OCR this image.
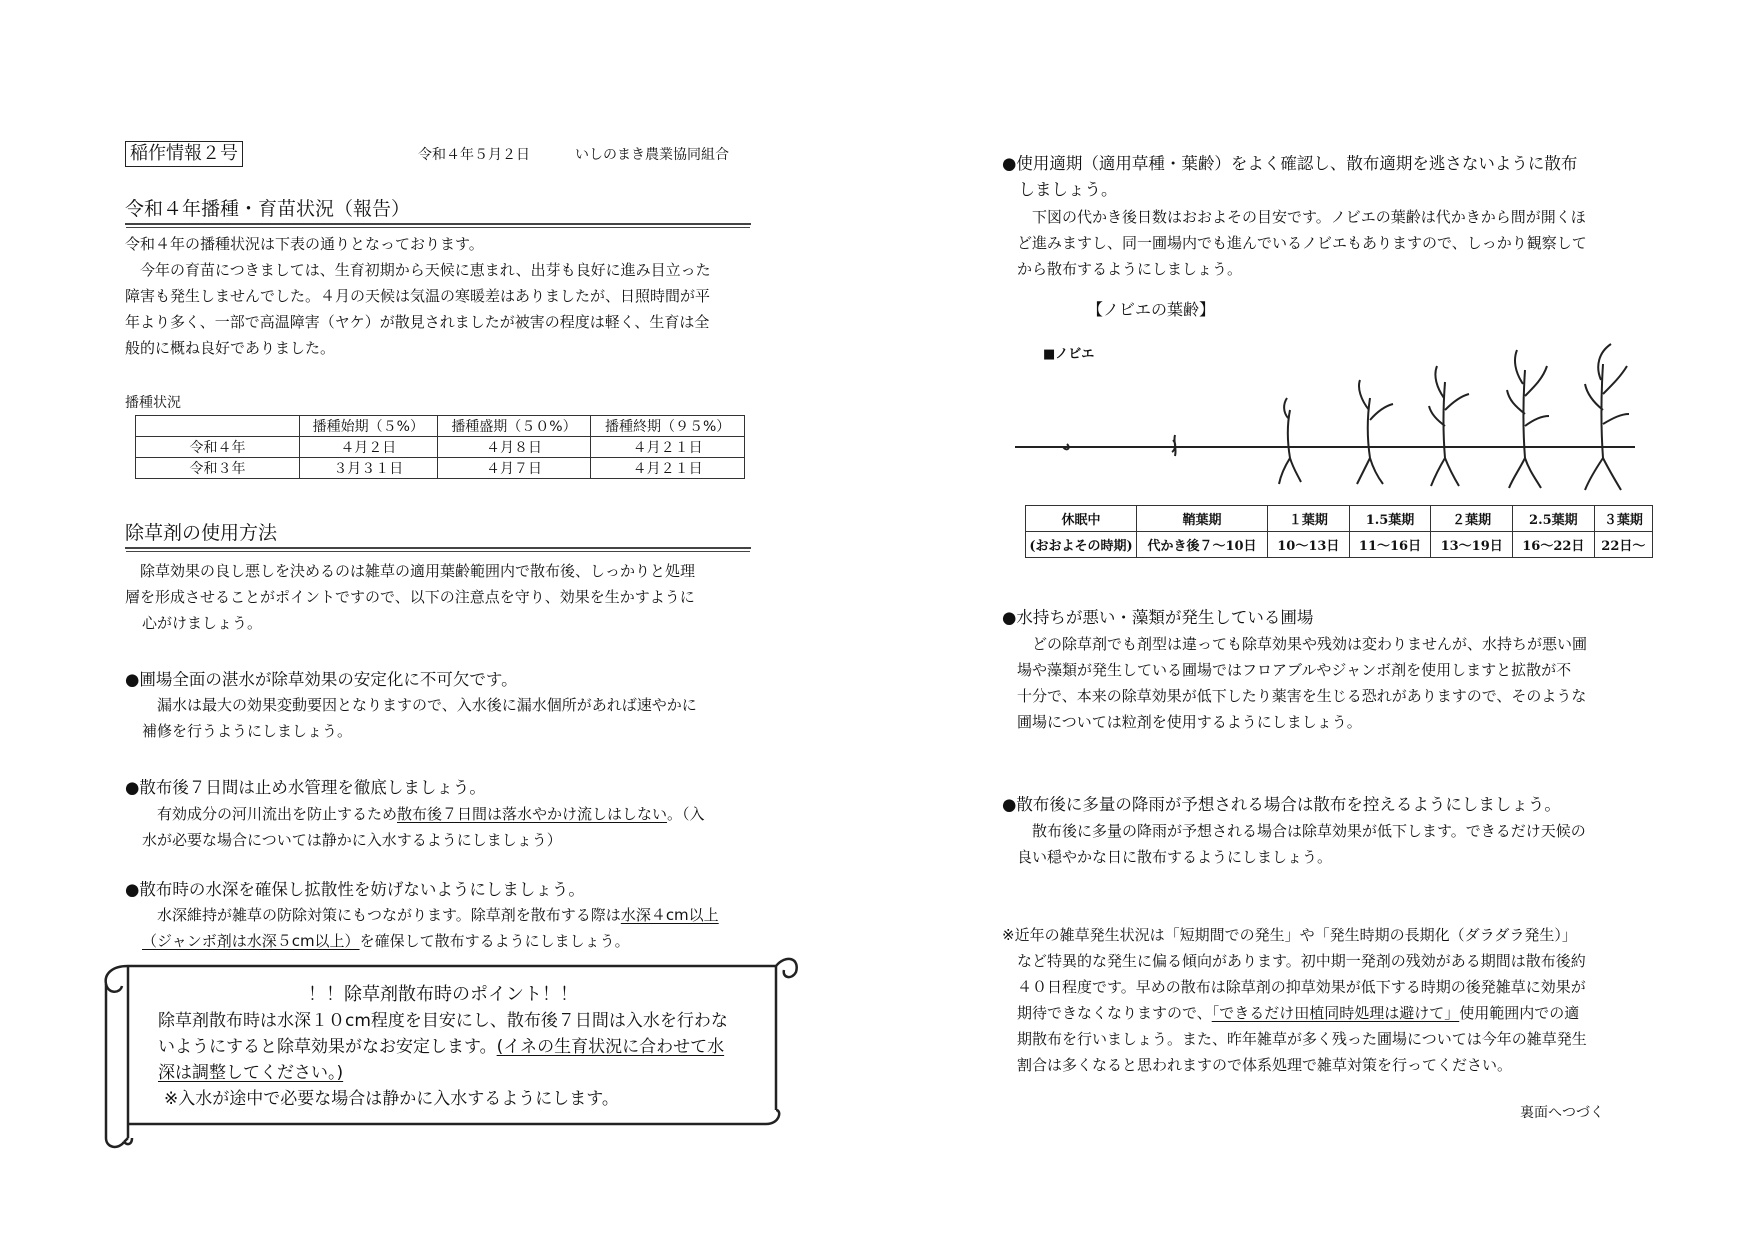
稲作情報２号	令和４年５月２日	いしのまき農業協同組合
令和４年播種・育苗状況（報告）
令和４年の播種状況は下表の通りとなっております。
　今年の育苗につきましては、生育初期から天候に恵まれ、出芽も良好に進み目立った
障害も発生しませんでした。４月の天候は気温の寒暖差はありましたが、日照時間が平
年より多く、一部で高温障害（ヤケ）が散見されましたが被害の程度は軽く、生育は全
般的に概ね良好でありました。
播種状況
	播種始期（５%）	播種盛期（５０%）	播種終期（９５%）
令和４年	４月２日	４月８日	４月２１日
令和３年	３月３１日	４月７日	４月２１日
除草剤の使用方法
　除草効果の良し悪しを決めるのは雑草の適用葉齢範囲内で散布後、しっかりと処理
層を形成させることがポイントですので、以下の注意点を守り、効果を生かすように
心がけましょう。
●圃場全面の湛水が除草効果の安定化に不可欠です。
　漏水は最大の効果変動要因となりますので、入水後に漏水個所があれば速やかに
補修を行うようにしましょう。
●散布後７日間は止め水管理を徹底しましょう。
　有効成分の河川流出を防止するため散布後７日間は落水やかけ流しはしない。（入
水が必要な場合については静かに入水するようにしましょう）
●散布時の水深を確保し拡散性を妨げないようにしましょう。
　水深維持が雑草の防除対策にもつながります。除草剤を散布する際は水深４cm以上
（ジャンボ剤は水深５cm以上）を確保して散布するようにしましょう。
！！除草剤散布時のポイント！！
除草剤散布時は水深１０cm程度を目安にし、散布後７日間は入水を行わな
いようにすると除草効果がなお安定します。(イネの生育状況に合わせて水
深は調整してください。)
※入水が途中で必要な場合は静かに入水するようにします。
●使用適期（適用草種・葉齢）をよく確認し、散布適期を逃さないように散布
　しましょう。
　下図の代かき後日数はおおよその目安です。ノビエの葉齢は代かきから間が開くほ
ど進みますし、同一圃場内でも進んでいるノビエもありますので、しっかり観察して
から散布するようにしましょう。
【ノビエの葉齢】
■ノビエ
休眠中	鞘葉期	１葉期	1.5葉期	２葉期	2.5葉期	３葉期
(おおよその時期)	代かき後７〜10日	10〜13日	11〜16日	13〜19日	16〜22日	22日〜
●水持ちが悪い・藻類が発生している圃場
　どの除草剤でも剤型は違っても除草効果や残効は変わりませんが、水持ちが悪い圃
場や藻類が発生している圃場ではフロアブルやジャンボ剤を使用しますと拡散が不
十分で、本来の除草効果が低下したり薬害を生じる恐れがありますので、そのような
圃場については粒剤を使用するようにしましょう。
●散布後に多量の降雨が予想される場合は散布を控えるようにしましょう。
　散布後に多量の降雨が予想される場合は除草効果が低下します。できるだけ天候の
良い穏やかな日に散布するようにしましょう。
※近年の雑草発生状況は「短期間での発生」や「発生時期の長期化（ダラダラ発生）」
　など特異的な発生に偏る傾向があります。初中期一発剤の残効がある期間は散布後約
　４０日程度です。早めの散布は除草剤の抑草効果が低下する時期の後発雑草に効果が
　期待できなくなりますので、「できるだけ田植同時処理は避けて」使用範囲内での適
　期散布を行いましょう。また、昨年雑草が多く残った圃場については今年の雑草発生
　割合は多くなると思われますので体系処理で雑草対策を行ってください。
裏面へつづく
